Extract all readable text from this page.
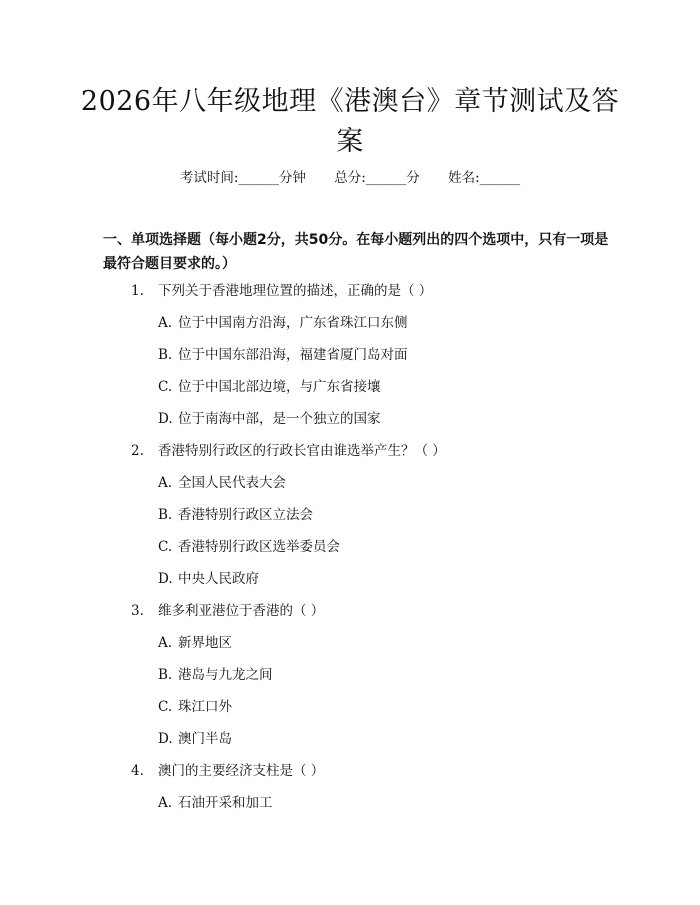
2026年八年级地理《港澳台》章节测试及答案
考试时间:______分钟 总分:______分 姓名:______
一、单项选择题（每小题2分，共50分。在每小题列出的四个选项中，只有一项是最符合题目要求的。）
1. 下列关于香港地理位置的描述，正确的是（ ）
A. 位于中国南方沿海，广东省珠江口东侧
B. 位于中国东部沿海，福建省厦门岛对面
C. 位于中国北部边境，与广东省接壤
D. 位于南海中部，是一个独立的国家
2. 香港特别行政区的行政长官由谁选举产生？（ ）
A. 全国人民代表大会
B. 香港特别行政区立法会
C. 香港特别行政区选举委员会
D. 中央人民政府
3. 维多利亚港位于香港的（ ）
A. 新界地区
B. 港岛与九龙之间
C. 珠江口外
D. 澳门半岛
4. 澳门的主要经济支柱是（ ）
A. 石油开采和加工
